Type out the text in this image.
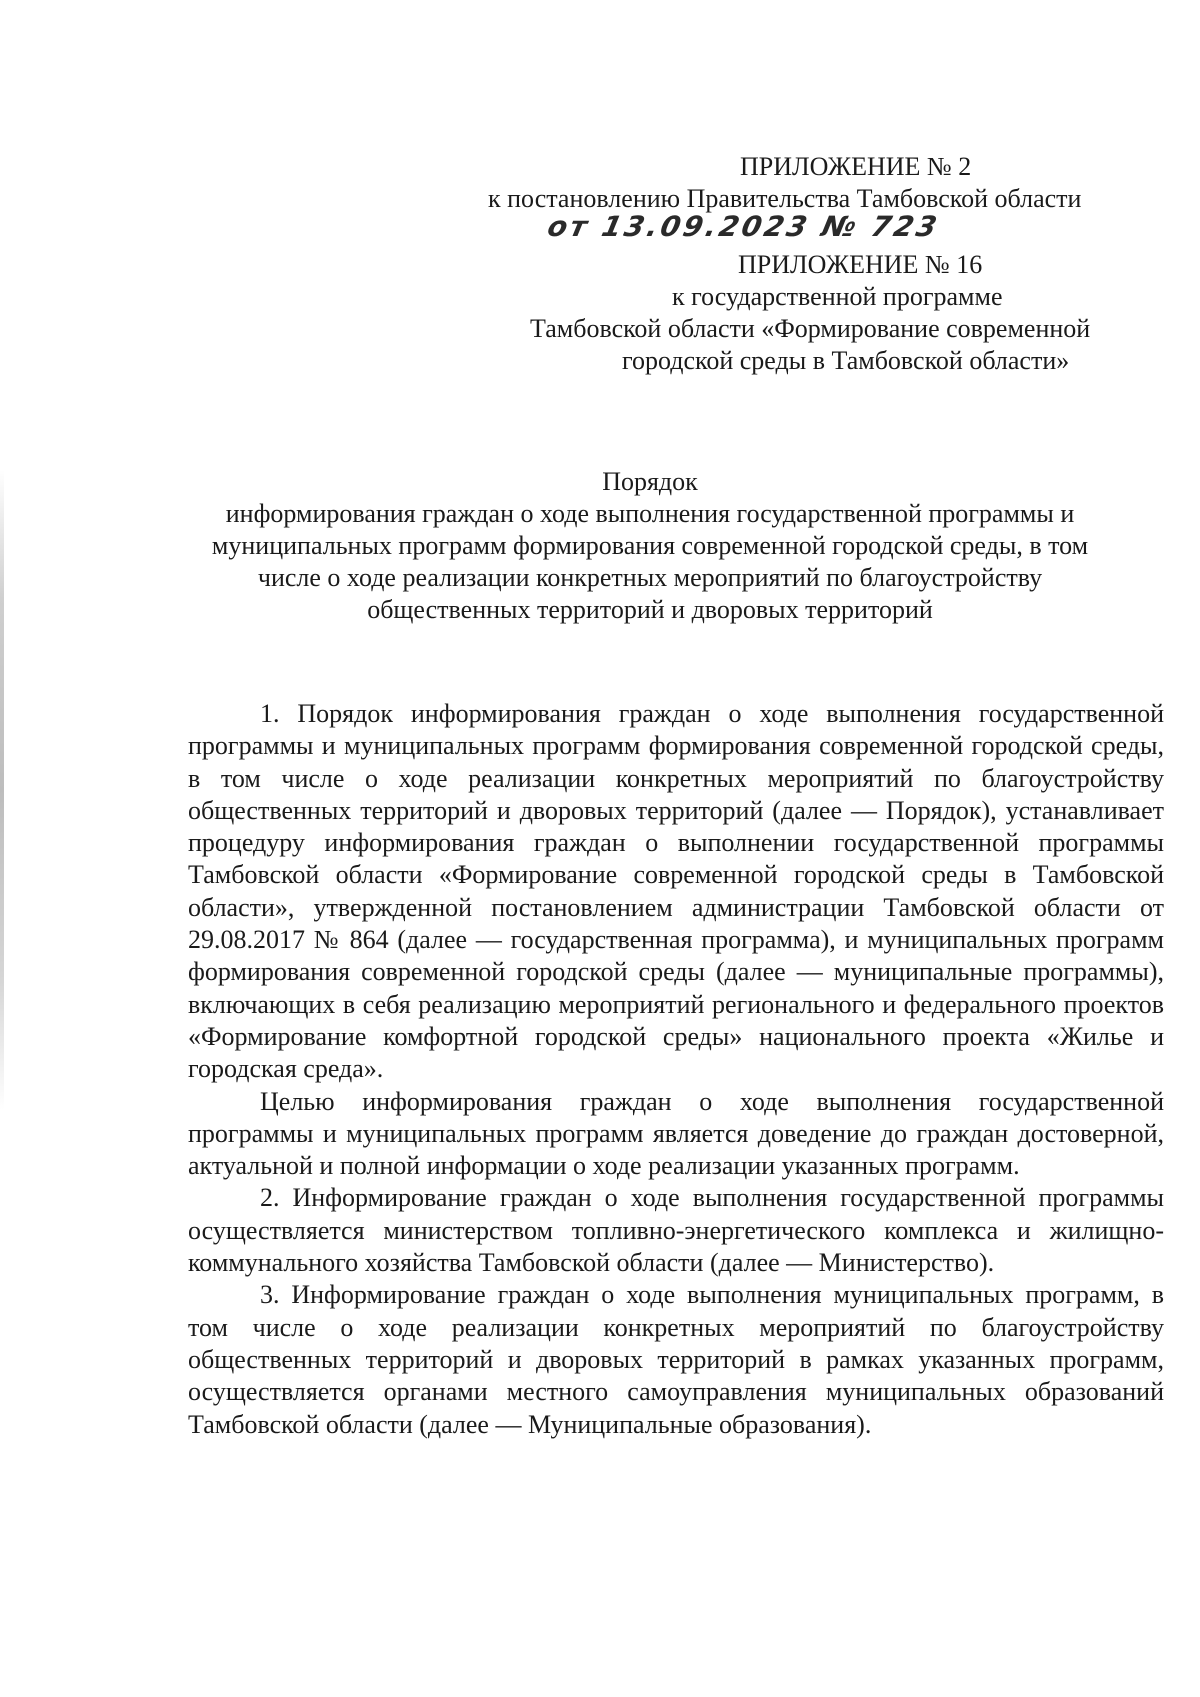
ПРИЛОЖЕНИЕ № 2
к постановлению Правительства Тамбовской области
от 13.09.2023 № 723
ПРИЛОЖЕНИЕ № 16
к государственной программе
Тамбовской области «Формирование современной
городской среды в Тамбовской области»
Порядок
информирования граждан о ходе выполнения государственной программы и
муниципальных программ формирования современной городской среды, в том
числе о ходе реализации конкретных мероприятий по благоустройству
общественных территорий и дворовых территорий

1. Порядок информирования граждан о ходе выполнения государственной программы и муниципальных программ формирования современной городской среды, в том числе о ходе реализации конкретных мероприятий по благоустройству общественных территорий и дворовых территорий (далее — Порядок), устанавливает процедуру информирования граждан о выполнении государственной программы Тамбовской области «Формирование современной городской среды в Тамбовской области», утвержденной постановлением администрации Тамбовской области от 29.08.2017 № 864 (далее — государственная программа), и муниципальных программ формирования современной городской среды (далее — муниципальные программы), включающих в себя реализацию мероприятий регионального и федерального проектов «Формирование комфортной городской среды» национального проекта «Жилье и городская среда».

Целью информирования граждан о ходе выполнения государственной программы и муниципальных программ является доведение до граждан достоверной, актуальной и полной информации о ходе реализации указанных программ.

2. Информирование граждан о ходе выполнения государственной программы осуществляется министерством топливно-энергетического комплекса и жилищно-коммунального хозяйства Тамбовской области (далее — Министерство).

3. Информирование граждан о ходе выполнения муниципальных программ, в том числе о ходе реализации конкретных мероприятий по благоустройству общественных территорий и дворовых территорий в рамках указанных программ, осуществляется органами местного самоуправления муниципальных образований Тамбовской области (далее — Муниципальные образования).
